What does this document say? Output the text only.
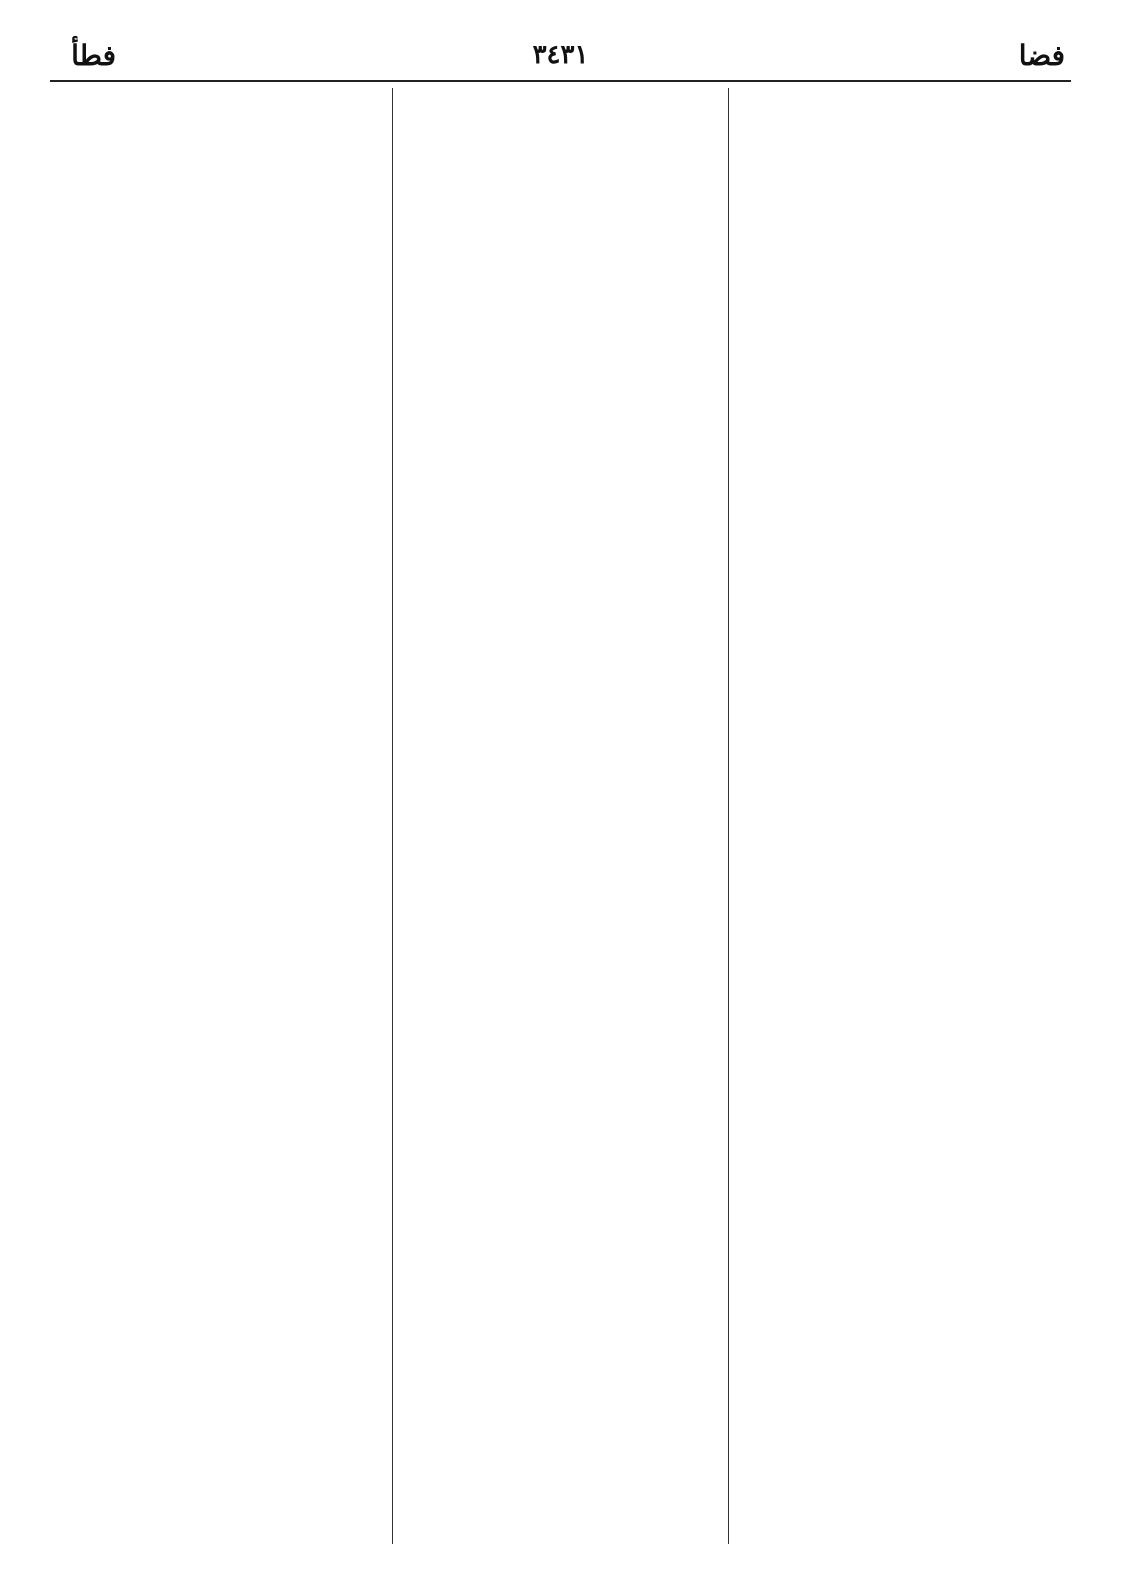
فضا
٣٤٣١
فطأ
